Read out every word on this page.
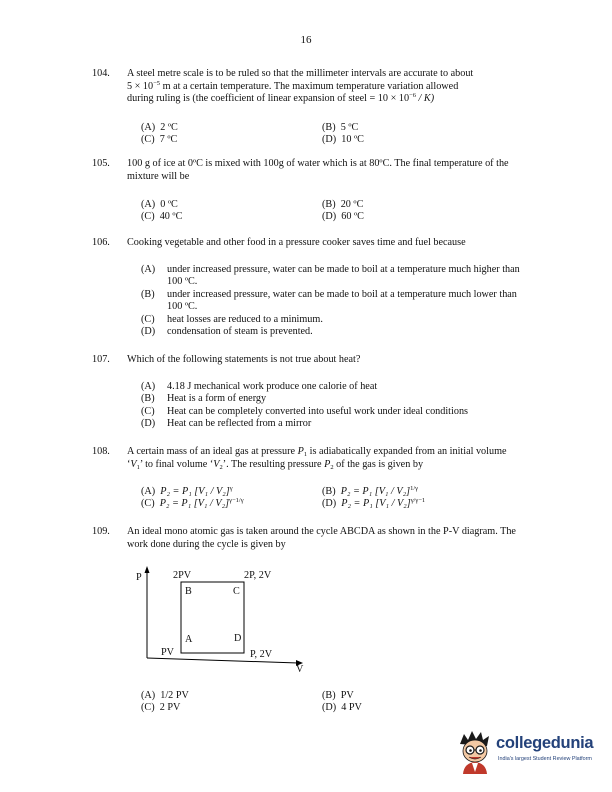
16
104. A steel metre scale is to be ruled so that the millimeter intervals are accurate to about
$5 \times 10^{-5}$ m at a certain temperature. The maximum temperature variation allowed
during ruling is (the coefficient of linear expansion of steel = $10 \times 10^{-6} / K$)
(A) 2 ºC	(B) 5 ºC
(C) 7 ºC	(D) 10 ºC
105. 100 g of ice at 0ºC is mixed with 100g of water which is at 80ºC. The final temperature of the mixture will be
(A) 0 ºC	(B) 20 ºC
(C) 40 ºC	(D) 60 ºC
106. Cooking vegetable and other food in a pressure cooker saves time and fuel because
(A) under increased pressure, water can be made to boil at a temperature much higher than 100 ºC.
(B) under increased pressure, water can be made to boil at a temperature much lower than 100 ºC.
(C) heat losses are reduced to a minimum.
(D) condensation of steam is prevented.
107. Which of the following statements is not true about heat?
(A) 4.18 J mechanical work produce one calorie of heat
(B) Heat is a form of energy
(C) Heat can be completely converted into useful work under ideal conditions
(D) Heat can be reflected from a mirror
108. A certain mass of an ideal gas at pressure $P_1$ is adiabatically expanded from an initial volume ‘$V_1$’ to final volume ‘$V_2$’. The resulting pressure $P_2$ of the gas is given by
(A) P₂ = P₁ [V₁ / V₂]$^\gamma$	(B) P₂ = P₁ [V₁ / V₂]$^{1/\gamma}$
(C) P₂ = P₁ [V₁ / V₂]$^{\gamma-1/\gamma}$	(D) P₂ = P₁ [V₁ / V₂]$^{\gamma/\gamma-1}$
109. An ideal mono atomic gas is taken around the cycle ABCDA as shown in the P-V diagram. The work done during the cycle is given by
P
V
2PV	2P, 2V
PV	P, 2V
B	C
A	D
(A) 1/2 PV	(B) PV
(C) 2 PV	(D) 4 PV
collegedunia
India's largest Student Review Platform
